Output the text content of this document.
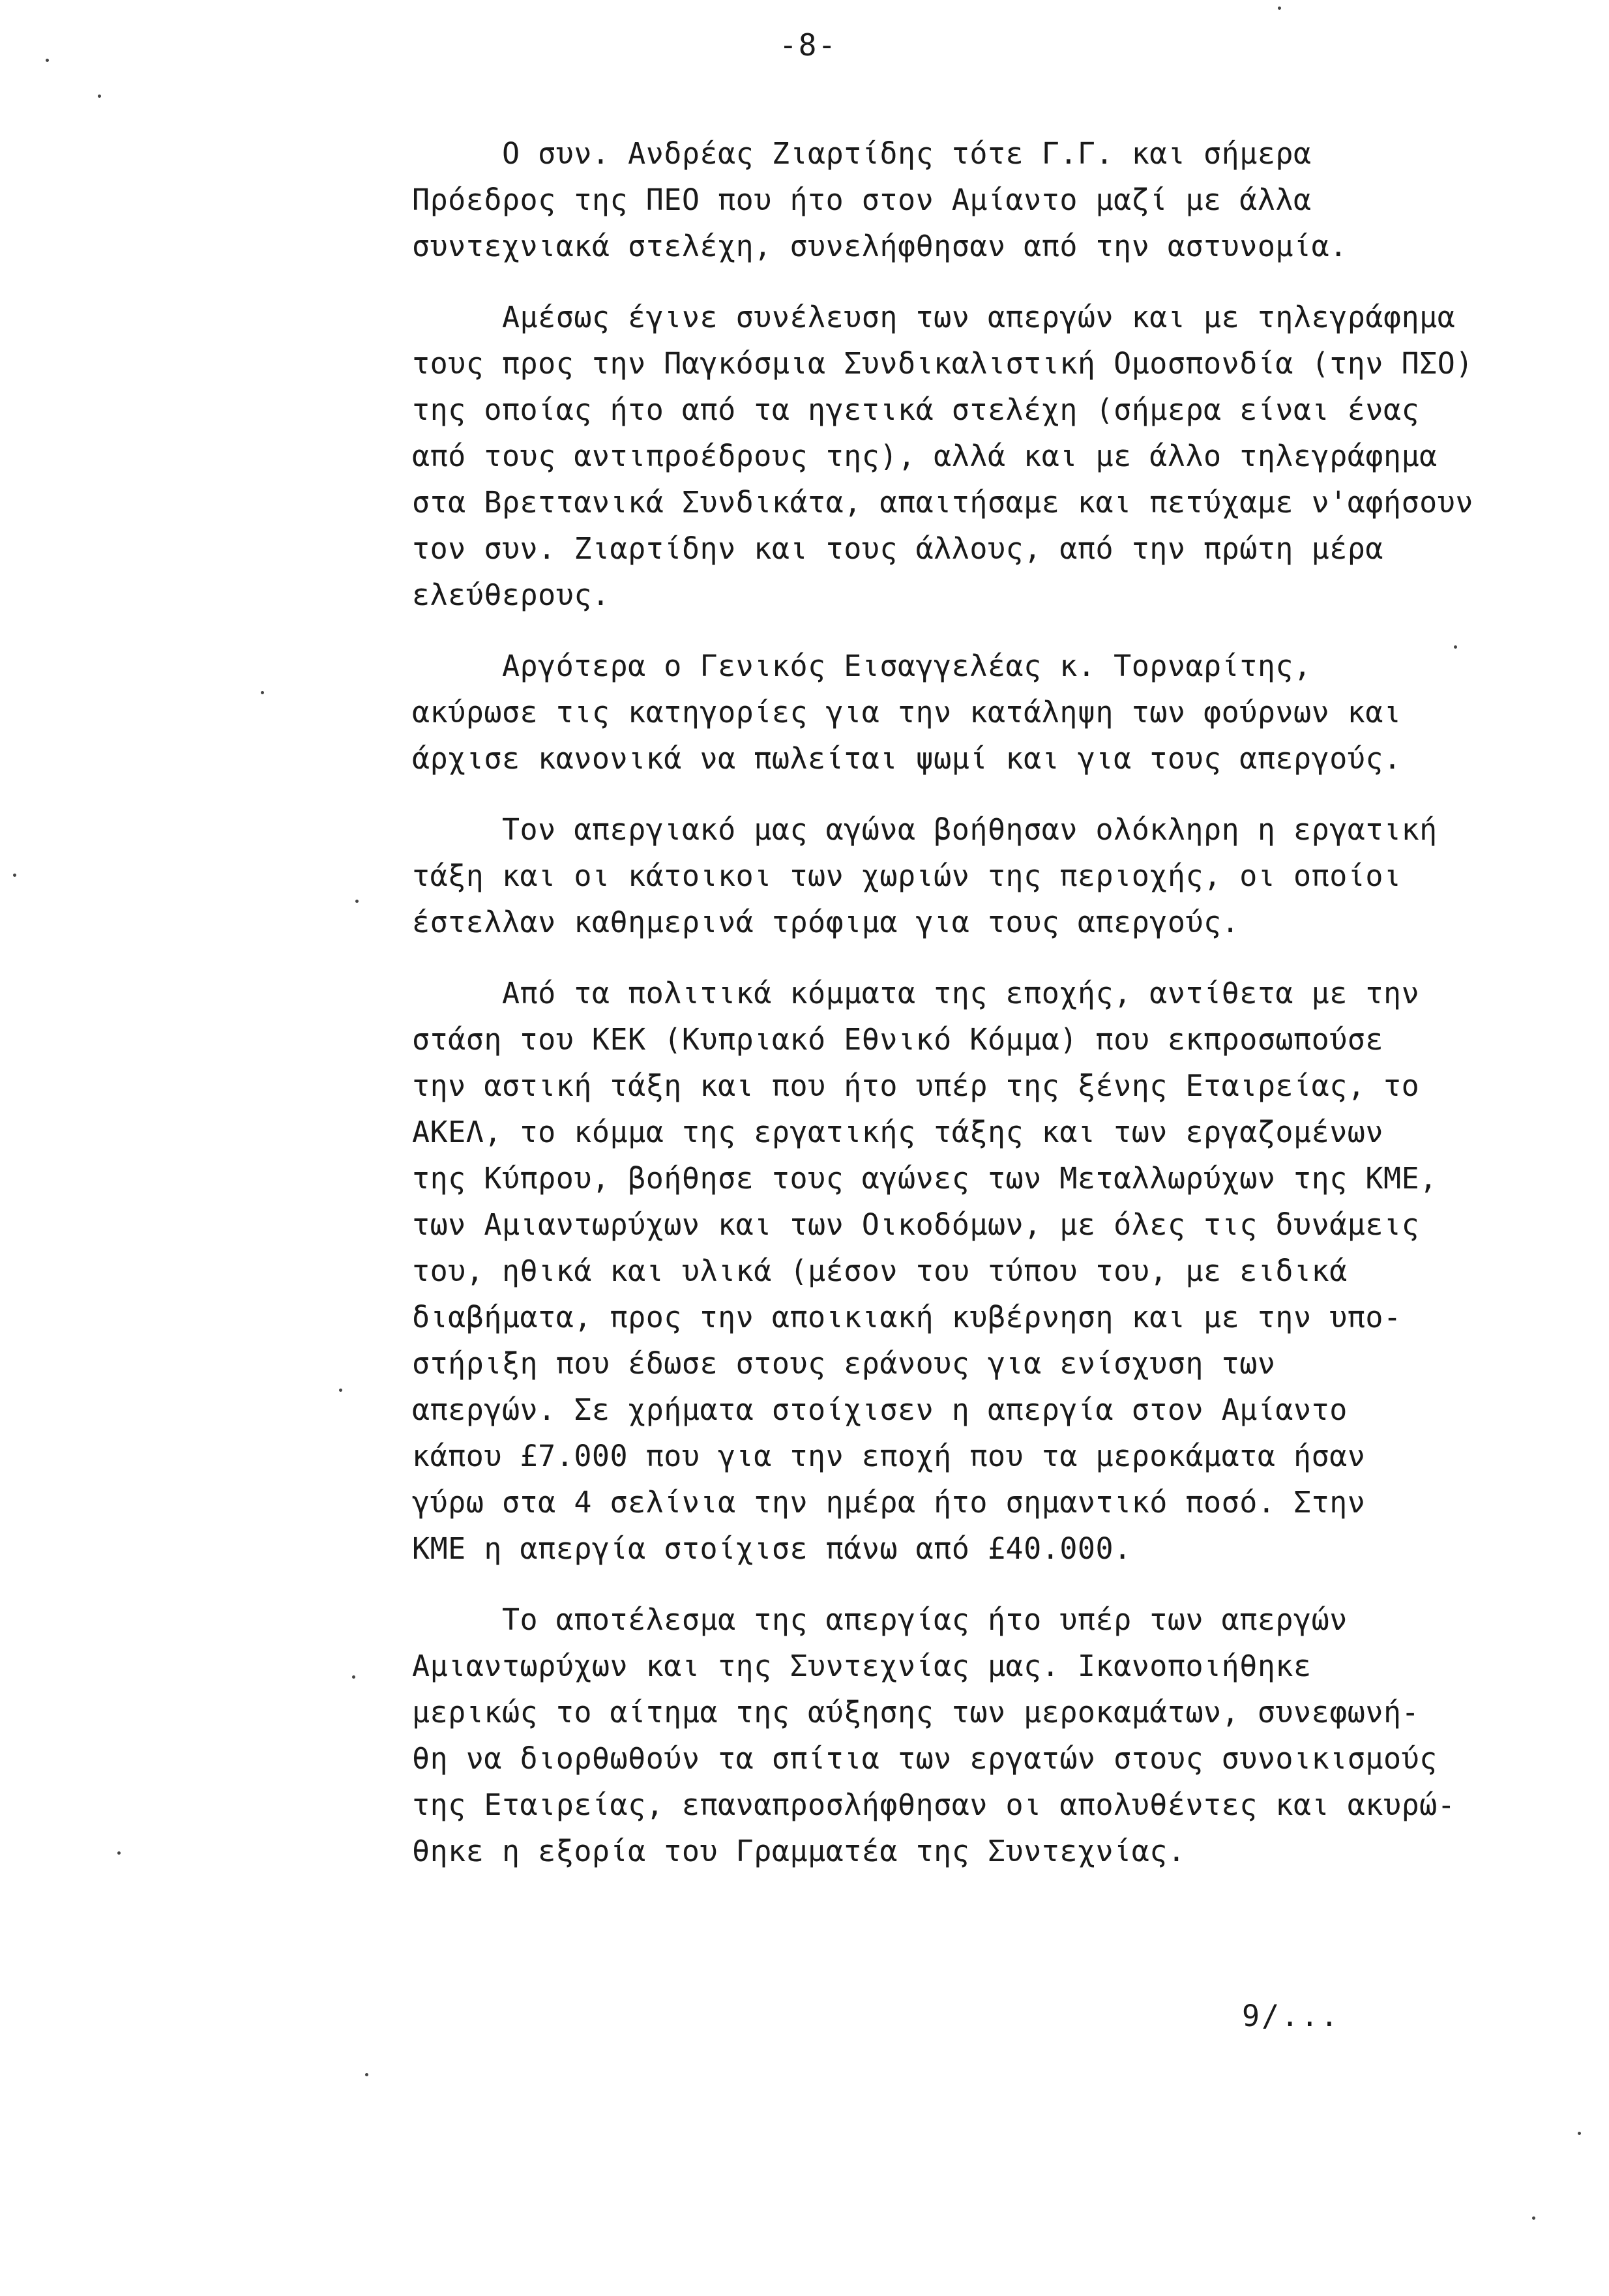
-8-
Ο συν. Ανδρέας Ζιαρτίδης τότε Γ.Γ. και σήμερα
Πρόεδρος της ΠΕΟ που ήτο στον Αμίαντο μαζί με άλλα
συντεχνιακά στελέχη, συνελήφθησαν από την αστυνομία.
Αμέσως έγινε συνέλευση των απεργών και με τηλεγράφημα
τους προς την Παγκόσμια Συνδικαλιστική Ομοσπονδία (την ΠΣΟ)
της οποίας ήτο από τα ηγετικά στελέχη (σήμερα είναι ένας
από τους αντιπροέδρους της), αλλά και με άλλο τηλεγράφημα
στα Βρεττανικά Συνδικάτα, απαιτήσαμε και πετύχαμε ν'αφήσουν
τον συν. Ζιαρτίδην και τους άλλους, από την πρώτη μέρα
ελεύθερους.
Αργότερα ο Γενικός Εισαγγελέας κ. Τορναρίτης,
ακύρωσε τις κατηγορίες για την κατάληψη των φούρνων και
άρχισε κανονικά να πωλείται ψωμί και για τους απεργούς.
Τον απεργιακό μας αγώνα βοήθησαν ολόκληρη η εργατική
τάξη και οι κάτοικοι των χωριών της περιοχής, οι οποίοι
έστελλαν καθημερινά τρόφιμα για τους απεργούς.
Από τα πολιτικά κόμματα της εποχής, αντίθετα με την
στάση του ΚΕΚ (Κυπριακό Εθνικό Κόμμα) που εκπροσωπούσε
την αστική τάξη και που ήτο υπέρ της ξένης Εταιρείας, το
ΑΚΕΛ, το κόμμα της εργατικής τάξης και των εργαζομένων
της Κύπρου, βοήθησε τους αγώνες των Μεταλλωρύχων της ΚΜΕ,
των Αμιαντωρύχων και των Οικοδόμων, με όλες τις δυνάμεις
του, ηθικά και υλικά (μέσον του τύπου του, με ειδικά
διαβήματα, προς την αποικιακή κυβέρνηση και με την υπο-
στήριξη που έδωσε στους εράνους για ενίσχυση των
απεργών. Σε χρήματα στοίχισεν η απεργία στον Αμίαντο
κάπου £7.000 που για την εποχή που τα μεροκάματα ήσαν
γύρω στα 4 σελίνια την ημέρα ήτο σημαντικό ποσό. Στην
ΚΜΕ η απεργία στοίχισε πάνω από £40.000.
Το αποτέλεσμα της απεργίας ήτο υπέρ των απεργών
Αμιαντωρύχων και της Συντεχνίας μας. Ικανοποιήθηκε
μερικώς το αίτημα της αύξησης των μεροκαμάτων, συνεφωνή-
θη να διορθωθούν τα σπίτια των εργατών στους συνοικισμούς
της Εταιρείας, επαναπροσλήφθησαν οι απολυθέντες και ακυρώ-
θηκε η εξορία του Γραμματέα της Συντεχνίας.
9/...
